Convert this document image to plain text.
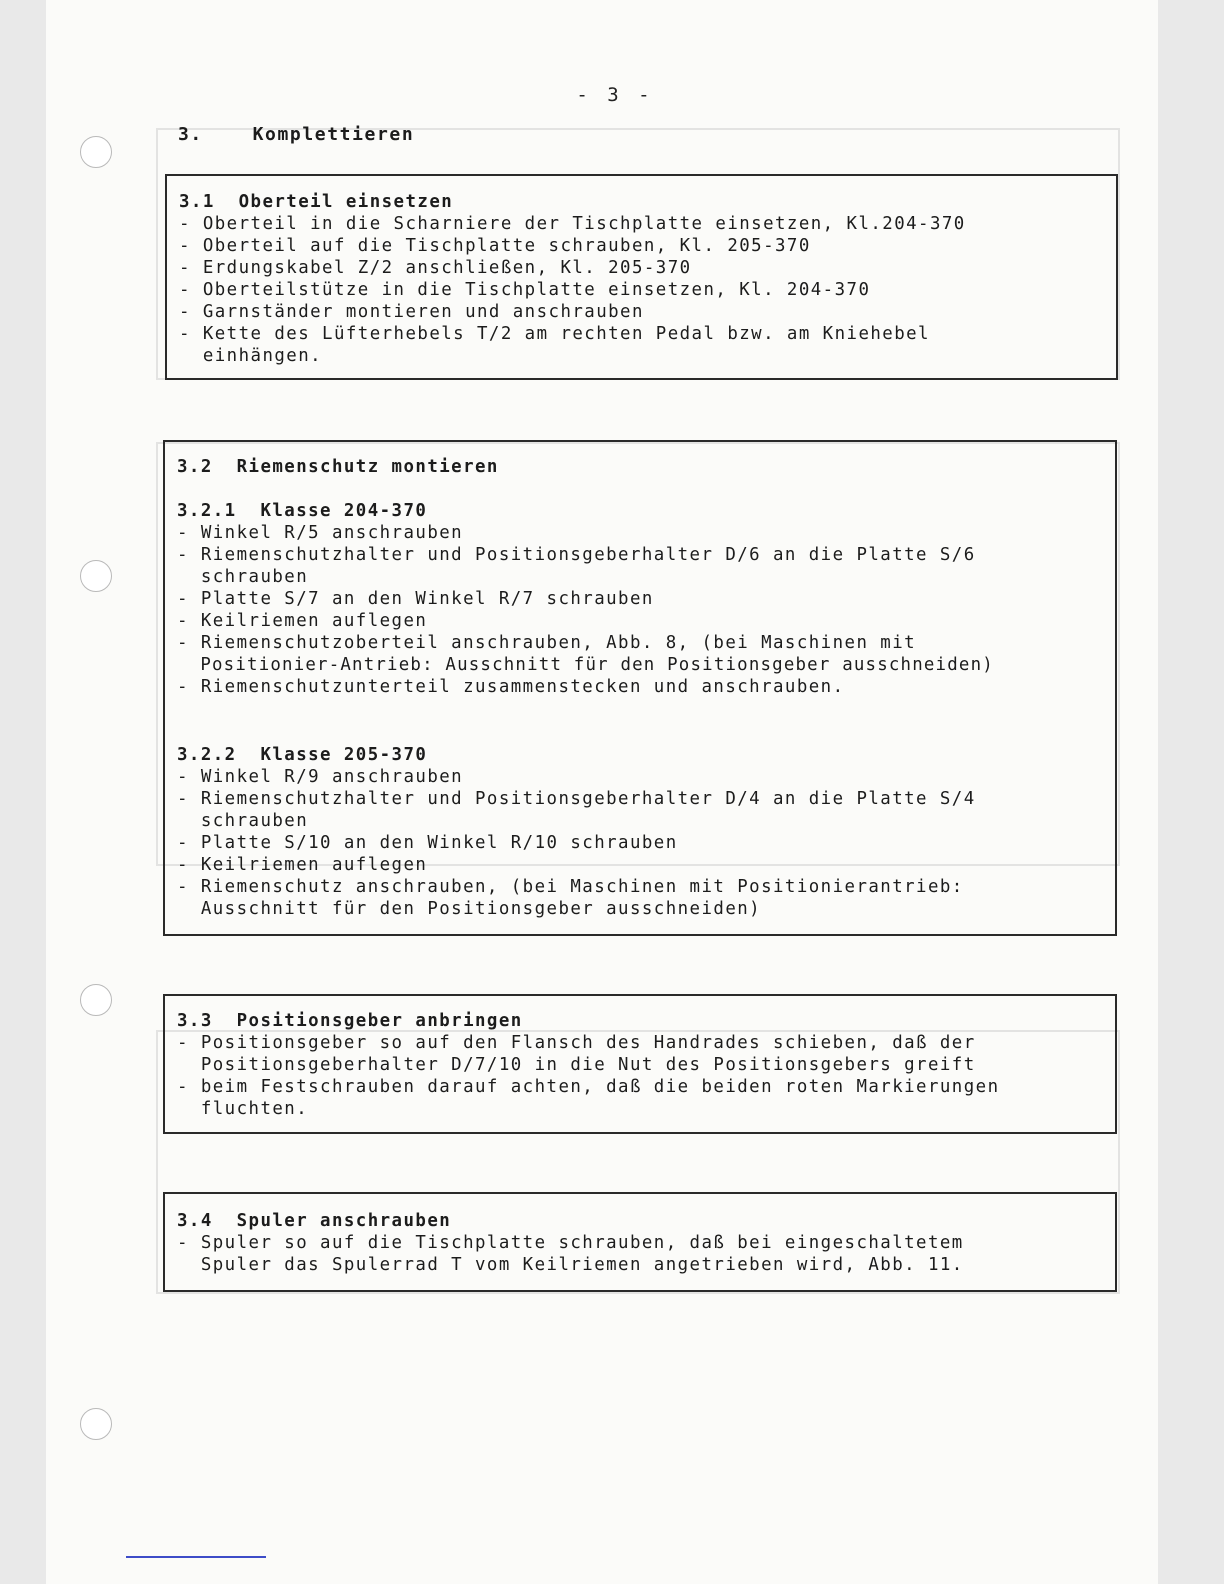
- 3 -
3.	Komplettieren
3.1  Oberteil einsetzen
- Oberteil in die Scharniere der Tischplatte einsetzen, Kl.204-370
- Oberteil auf die Tischplatte schrauben, Kl. 205-370
- Erdungskabel Z/2 anschließen, Kl. 205-370
- Oberteilstütze in die Tischplatte einsetzen, Kl. 204-370
- Garnständer montieren und anschrauben
- Kette des Lüfterhebels T/2 am rechten Pedal bzw. am Kniehebel
einhängen.
3.2  Riemenschutz montieren
3.2.1  Klasse 204-370
- Winkel R/5 anschrauben
- Riemenschutzhalter und Positionsgeberhalter D/6 an die Platte S/6
schrauben
- Platte S/7 an den Winkel R/7 schrauben
- Keilriemen auflegen
- Riemenschutzoberteil anschrauben, Abb. 8, (bei Maschinen mit
Positionier-Antrieb: Ausschnitt für den Positionsgeber ausschneiden)
- Riemenschutzunterteil zusammenstecken und anschrauben.
3.2.2  Klasse 205-370
- Winkel R/9 anschrauben
- Riemenschutzhalter und Positionsgeberhalter D/4 an die Platte S/4
schrauben
- Platte S/10 an den Winkel R/10 schrauben
- Keilriemen auflegen
- Riemenschutz anschrauben, (bei Maschinen mit Positionierantrieb:
Ausschnitt für den Positionsgeber ausschneiden)
3.3  Positionsgeber anbringen
- Positionsgeber so auf den Flansch des Handrades schieben, daß der
Positionsgeberhalter D/7/10 in die Nut des Positionsgebers greift
- beim Festschrauben darauf achten, daß die beiden roten Markierungen
fluchten.
3.4  Spuler anschrauben
- Spuler so auf die Tischplatte schrauben, daß bei eingeschaltetem
Spuler das Spulerrad T vom Keilriemen angetrieben wird, Abb. 11.
